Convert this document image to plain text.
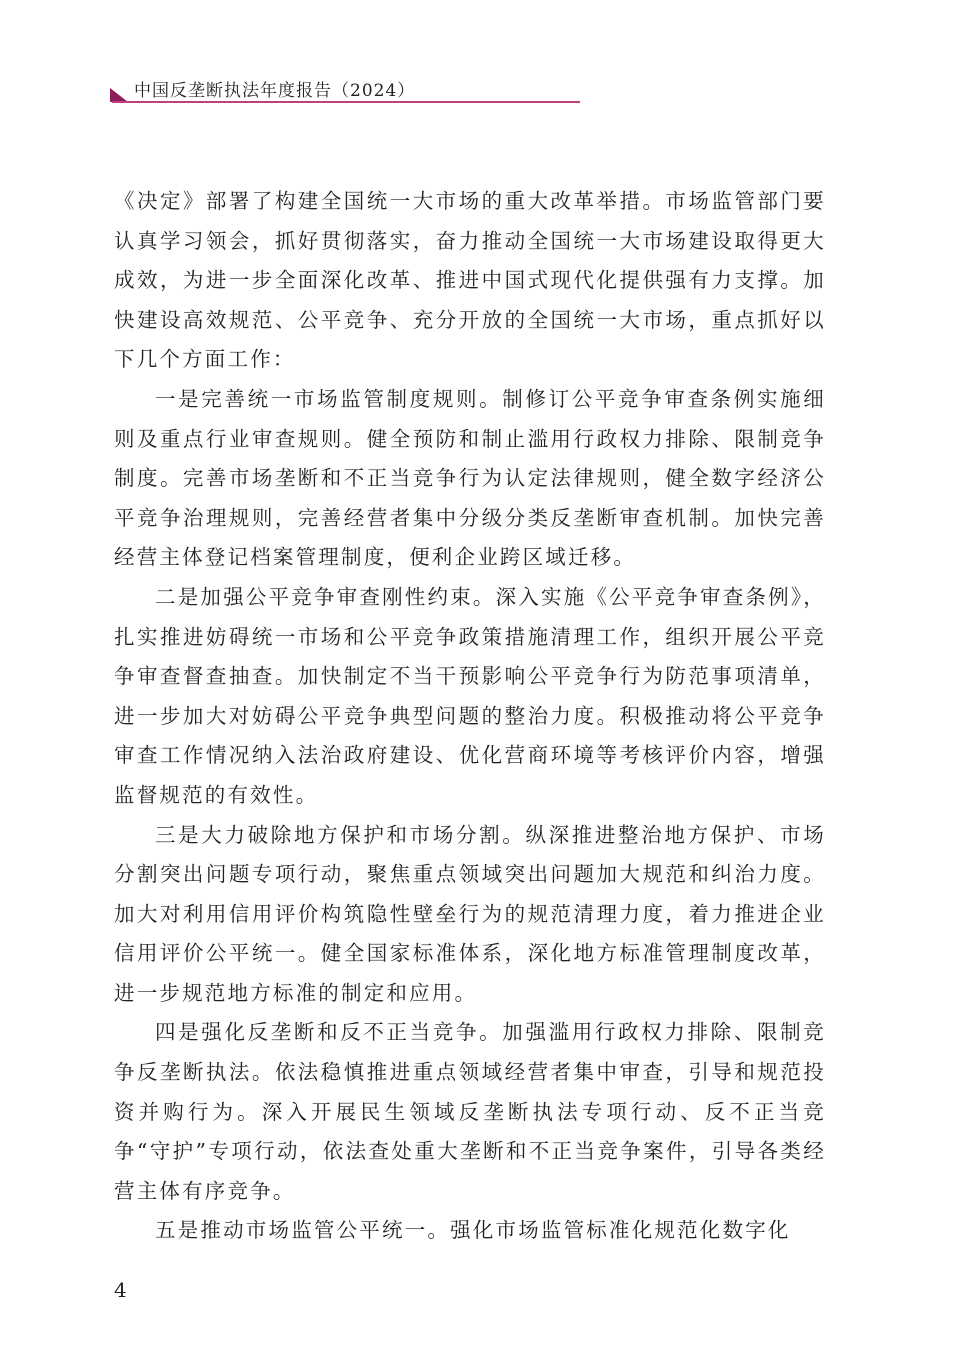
中国反垄断执法年度报告（2024）

《决定》部署了构建全国统一大市场的重大改革举措。市场监管部门要认真学习领会，抓好贯彻落实，奋力推动全国统一大市场建设取得更大成效，为进一步全面深化改革、推进中国式现代化提供强有力支撑。加快建设高效规范、公平竞争、充分开放的全国统一大市场，重点抓好以下几个方面工作：

一是完善统一市场监管制度规则。制修订公平竞争审查条例实施细则及重点行业审查规则。健全预防和制止滥用行政权力排除、限制竞争制度。完善市场垄断和不正当竞争行为认定法律规则，健全数字经济公平竞争治理规则，完善经营者集中分级分类反垄断审查机制。加快完善经营主体登记档案管理制度，便利企业跨区域迁移。

二是加强公平竞争审查刚性约束。深入实施《公平竞争审查条例》，扎实推进妨碍统一市场和公平竞争政策措施清理工作，组织开展公平竞争审查督查抽查。加快制定不当干预影响公平竞争行为防范事项清单，进一步加大对妨碍公平竞争典型问题的整治力度。积极推动将公平竞争审查工作情况纳入法治政府建设、优化营商环境等考核评价内容，增强监督规范的有效性。

三是大力破除地方保护和市场分割。纵深推进整治地方保护、市场分割突出问题专项行动，聚焦重点领域突出问题加大规范和纠治力度。加大对利用信用评价构筑隐性壁垒行为的规范清理力度，着力推进企业信用评价公平统一。健全国家标准体系，深化地方标准管理制度改革，进一步规范地方标准的制定和应用。

四是强化反垄断和反不正当竞争。加强滥用行政权力排除、限制竞争反垄断执法。依法稳慎推进重点领域经营者集中审查，引导和规范投资并购行为。深入开展民生领域反垄断执法专项行动、反不正当竞争“守护”专项行动，依法查处重大垄断和不正当竞争案件，引导各类经营主体有序竞争。

五是推动市场监管公平统一。强化市场监管标准化规范化数字化

4
